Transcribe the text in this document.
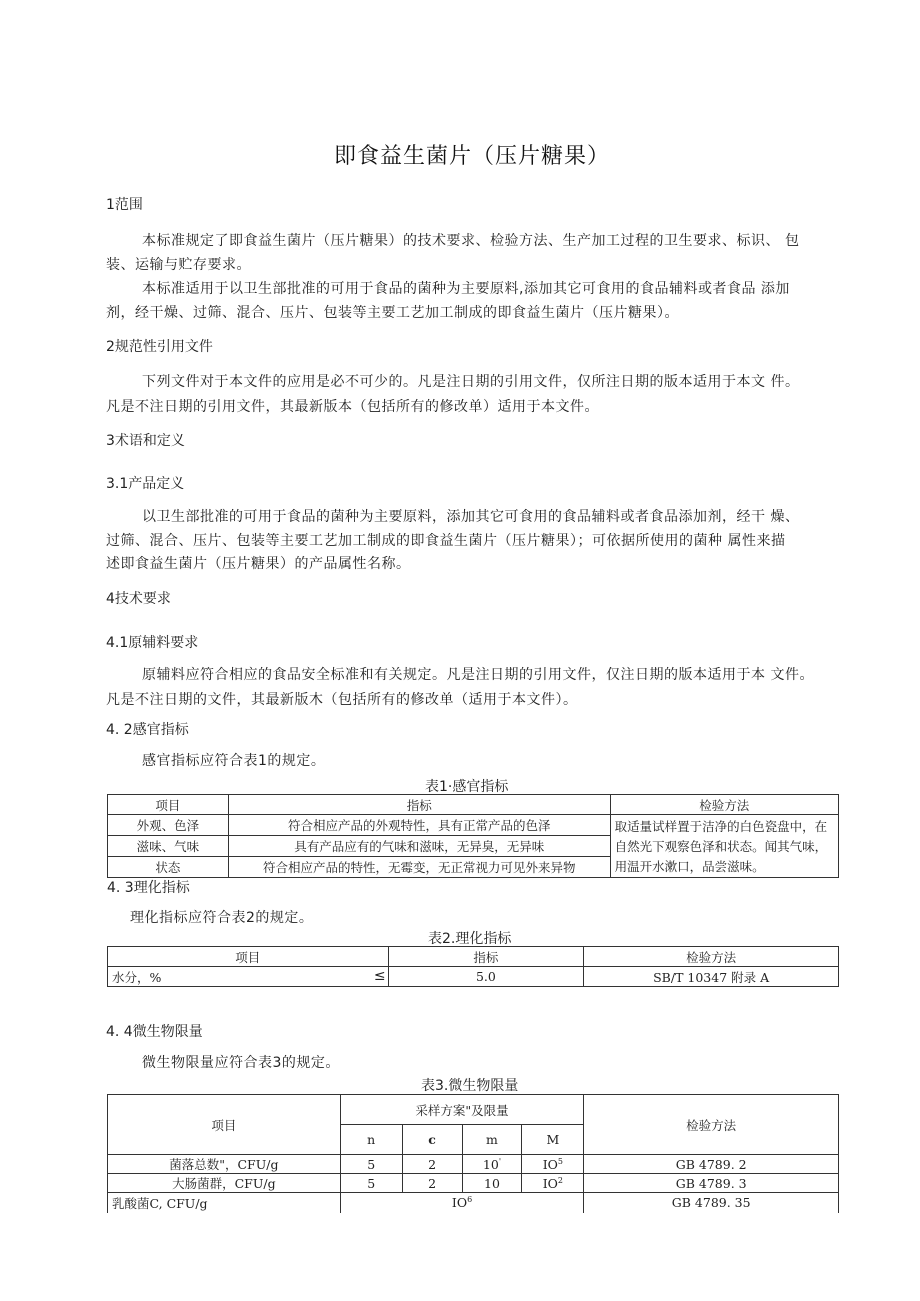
即食益生菌片（压片糖果）
1范围
本标准规定了即食益生菌片（压片糖果）的技术要求、检验方法、生产加工过程的卫生要求、标识、 包
装、运输与贮存要求。
本标准适用于以卫生部批准的可用于食品的菌种为主要原料,添加其它可食用的食品辅料或者食品 添加
剂，经干燥、过筛、混合、压片、包装等主要工艺加工制成的即食益生菌片（压片糖果）。
2规范性引用文件
下列文件对于本文件的应用是必不可少的。凡是注日期的引用文件，仅所注日期的版本适用于本文 件。
凡是不注日期的引用文件，其最新版本（包括所有的修改单）适用于本文件。
3术语和定义
3.1产品定义
以卫生部批准的可用于食品的菌种为主要原料，添加其它可食用的食品辅料或者食品添加剂，经干 燥、
过筛、混合、压片、包装等主要工艺加工制成的即食益生菌片（压片糖果）；可依据所使用的菌种 属性来描
述即食益生菌片（压片糖果）的产品属性名称。
4技术要求
4.1原辅料要求
原辅料应符合相应的食品安全标准和有关规定。凡是注日期的引用文件，仅注日期的版本适用于本 文件。
凡是不注日期的文件，其最新版木（包括所有的修改单（适用于本文件）。
4. 2感官指标
感官指标应符合表1的规定。
表1·感官指标
项目	指标	检验方法
外观、色泽	符合相应产品的外观特性，具有正常产品的色泽	取适量试样置于洁净的白色瓷盘中，在自然光下观察色泽和状态。闻其气味，用温开水漱口，品尝滋味。
滋味、气味	具有产品应有的气味和滋味，无异臭，无异味	
状态	符合相应产品的特性，无霉变，无正常视力可见外来异物	
4. 3理化指标
理化指标应符合表2的规定。
表2.理化指标
项目	指标	检验方法
水分，% ≤	5.0	SB/T 10347 附录 A
4. 4微生物限量
微生物限量应符合表3的规定。
表3.微生物限量
项目	采样方案"及限量				检验方法
	n	c	m	M	
菌落总数"，CFU/g	5	2	10'	$IO^5$	GB 4789. 2
大肠菌群，CFU/g	5	2	10	$IO^2$	GB 4789. 3
乳酸菌C, CFU/g	$IO^6$				GB 4789. 35
